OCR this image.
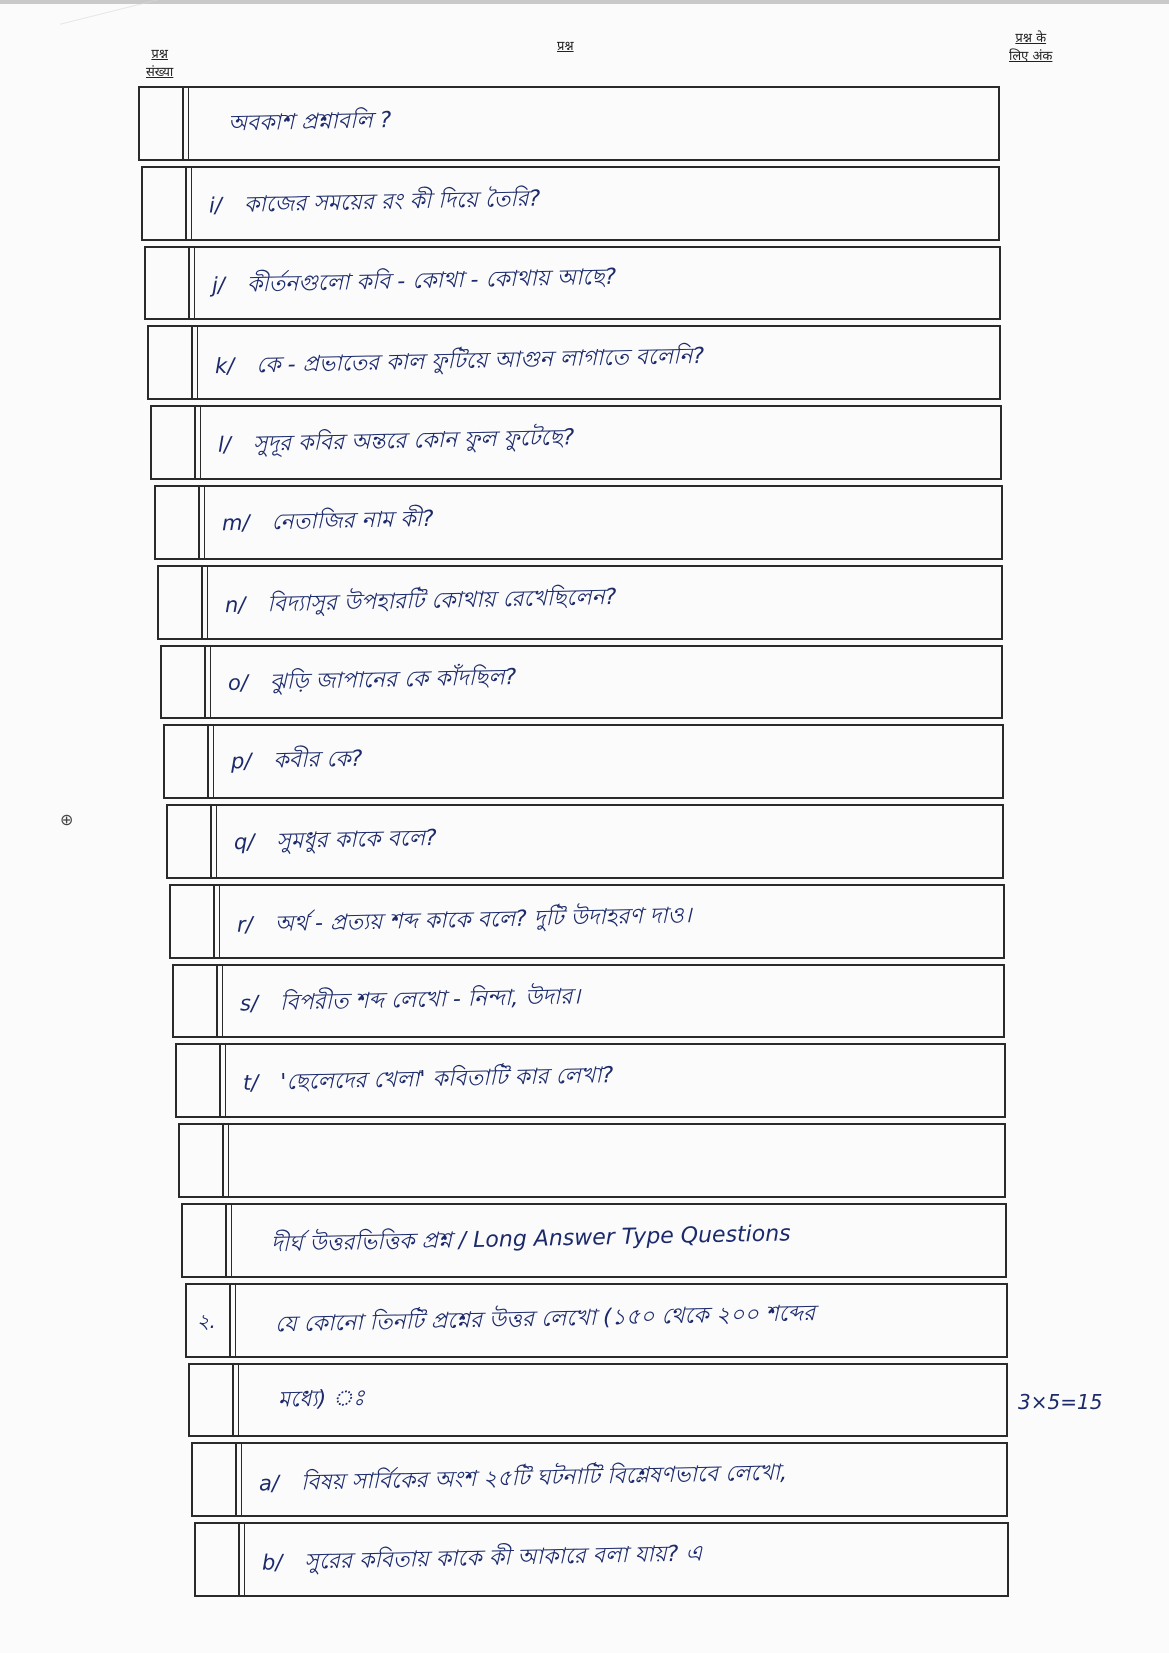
प्रश्न
संख्या
प्रश्न
प्रश्न के
लिए अंक
⊕
অবকাশ প্রশ্নাবলি ?
i/ কাজের সময়ের রং কী দিয়ে তৈরি?
j/ কীর্তনগুলো কবি - কোথা - কোথায় আছে?
k/ কে - প্রভাতের কাল ফুটিয়ে আগুন লাগাতে বলেনি?
l/ সুদূর কবির অন্তরে কোন ফুল ফুটেছে?
m/ নেতাজির নাম কী?
n/ বিদ্যাসুর উপহারটি কোথায় রেখেছিলেন?
o/ ঝুড়ি জাপানের কে কাঁদছিল?
p/ কবীর কে?
q/ সুমধুর কাকে বলে?
r/ অর্থ - প্রত্যয় শব্দ কাকে বলে? দুটি উদাহরণ দাও।
s/ বিপরীত শব্দ লেখো - নিন্দা, উদার।
t/ 'ছেলেদের খেলা' কবিতাটি কার লেখা?
দীর্ঘ উত্তরভিত্তিক প্রশ্ন / Long Answer Type Questions
২.	যে কোনো তিনটি প্রশ্নের উত্তর লেখো (১৫০ থেকে ২০০ শব্দের
মধ্যে) ঃ
a/ বিষয় সার্বিকের অংশ ২৫টি ঘটনাটি বিশ্লেষণভাবে লেখো,
b/ সুরের কবিতায় কাকে কী আকারে বলা যায়? এ
3×5=15
